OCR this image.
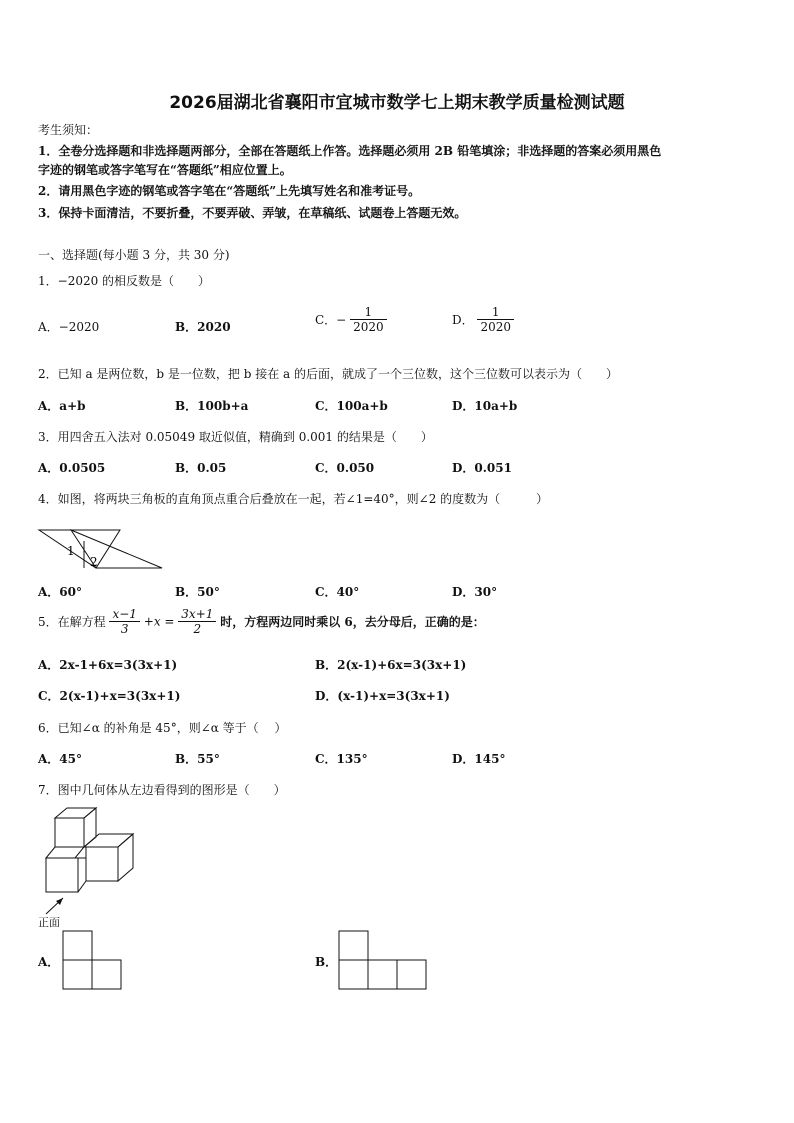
2026届湖北省襄阳市宜城市数学七上期末教学质量检测试题
考生须知：
1．全卷分选择题和非选择题两部分，全部在答题纸上作答。选择题必须用 2B 铅笔填涂；非选择题的答案必须用黑色
字迹的钢笔或答字笔写在“答题纸”相应位置上。
2．请用黑色字迹的钢笔或答字笔在“答题纸”上先填写姓名和准考证号。
3．保持卡面清洁，不要折叠，不要弄破、弄皱，在草稿纸、试题卷上答题无效。
一、选择题(每小题 3 分，共 30 分)
1．−2020 的相反数是（　　）
A．−2020	B．2020	C．− $\frac{1}{2020}$	D． $\frac{1}{2020}$
2．已知 a 是两位数，b 是一位数，把 b 接在 a 的后面，就成了一个三位数，这个三位数可以表示为（　　）
A．a+b	B．100b+a	C．100a+b	D．10a+b
3．用四舍五入法对 0.05049 取近似值，精确到 0.001 的结果是（　　）
A．0.0505	B．0.05	C．0.050	D．0.051
4．如图，将两块三角板的直角顶点重合后叠放在一起，若∠1=40°，则∠2 的度数为（　　　）
1
2
A．60°	B．50°	C．40°	D．30°
5．在解方程 $\frac{x-1}{3} +x = \frac{3x+1}{2}$ 时，方程两边同时乘以 6，去分母后，正确的是：
A．2x-1+6x=3(3x+1)	B．2(x-1)+6x=3(3x+1)
C．2(x-1)+x=3(3x+1)	D．(x-1)+x=3(3x+1)
6．已知∠α 的补角是 45°，则∠α 等于（　 ）
A．45°	B．55°	C．135°	D．145°
7．图中几何体从左边看得到的图形是（　　）
正面
A．	B．
